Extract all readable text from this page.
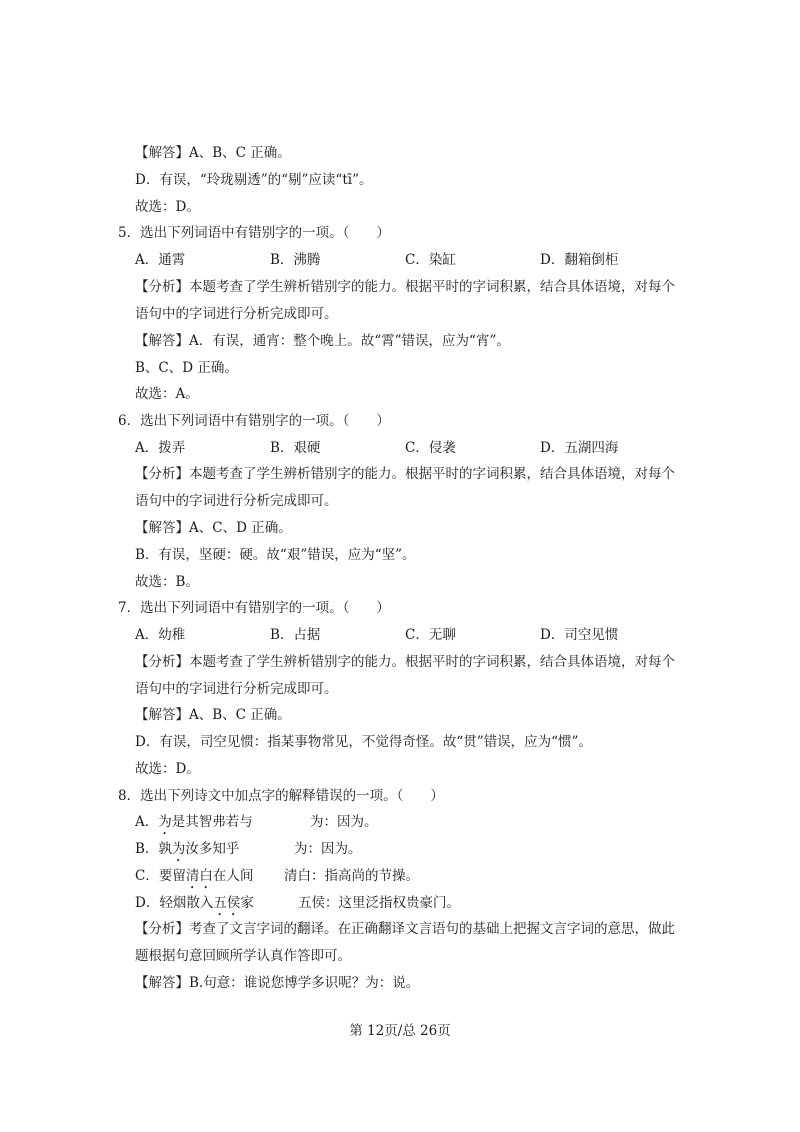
【解答】A、B、C 正确。
D．有误，“玲珑剔透”的“剔”应读“tī”。
故选：D。
5．选出下列词语中有错别字的一项。（　　）
A．通霄	B．沸腾	C．染缸	D．翻箱倒柜
【分析】本题考查了学生辨析错别字的能力。根据平时的字词积累，结合具体语境，对每个
语句中的字词进行分析完成即可。
【解答】A．有误，通宵：整个晚上。故“霄”错误，应为“宵”。
B、C、D 正确。
故选：A。
6．选出下列词语中有错别字的一项。（　　）
A．拨弄	B．艰硬	C．侵袭	D．五湖四海
【分析】本题考查了学生辨析错别字的能力。根据平时的字词积累，结合具体语境，对每个
语句中的字词进行分析完成即可。
【解答】A、C、D 正确。
B．有误，坚硬：硬。故“艰”错误，应为“坚”。
故选：B。
7．选出下列词语中有错别字的一项。（　　）
A．幼稚	B．占据	C．无聊	D．司空见惯
【分析】本题考查了学生辨析错别字的能力。根据平时的字词积累，结合具体语境，对每个
语句中的字词进行分析完成即可。
【解答】A、B、C 正确。
D．有误，司空见惯：指某事物常见，不觉得奇怪。故“贯”错误，应为“惯”。
故选：D。
8．选出下列诗文中加点字的解释错误的一项。（　　）
A．为是其智弗若与	为：因为。
B．孰为汝多知乎	为：因为。
C．要留清白在人间 清白：指高尚的节操。
D．轻烟散入五侯家	五侯：这里泛指权贵豪门。
【分析】考查了文言字词的翻译。在正确翻译文言语句的基础上把握文言字词的意思，做此
题根据句意回顾所学认真作答即可。
【解答】B.句意：谁说您博学多识呢？为：说。
第 12页/总 26页
